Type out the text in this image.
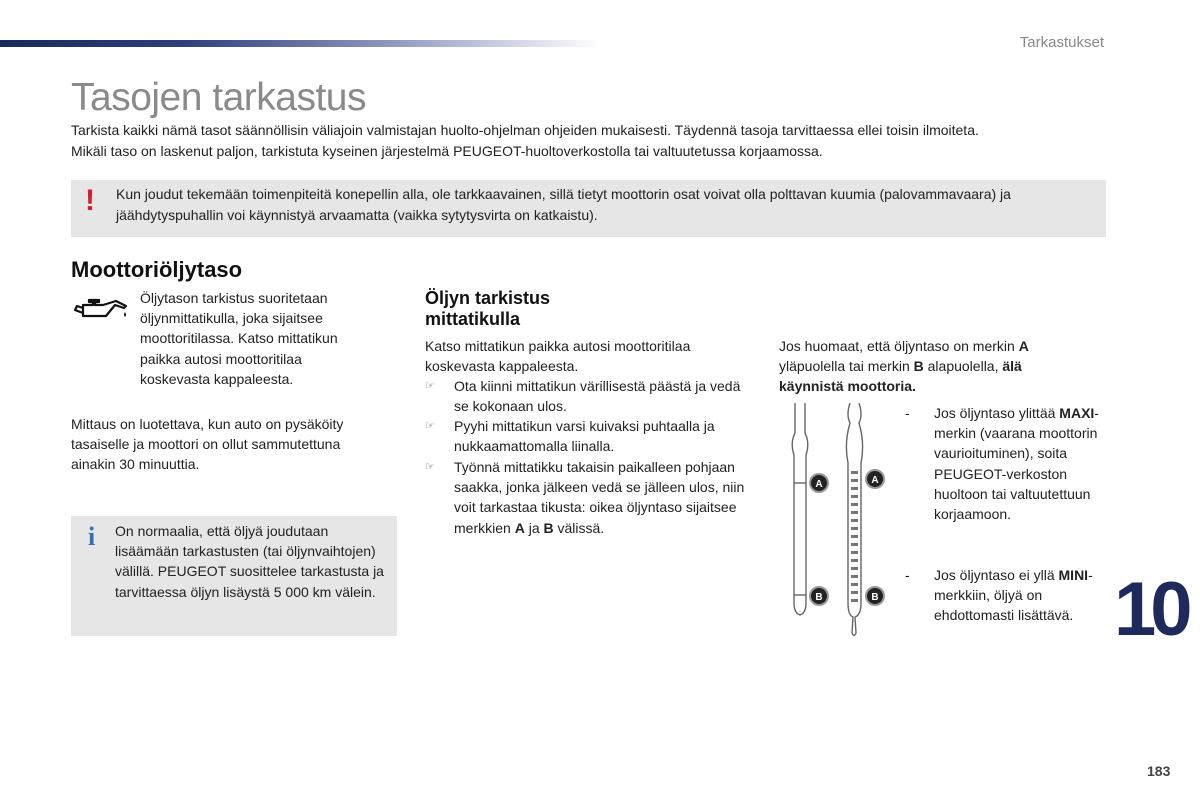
Tarkastukset
Tasojen tarkastus

Tarkista kaikki nämä tasot säännöllisin väliajoin valmistajan huolto-ohjelman ohjeiden mukaisesti. Täydennä tasoja tarvittaessa ellei toisin ilmoiteta.
Mikäli taso on laskenut paljon, tarkistuta kyseinen järjestelmä PEUGEOT-huoltoverkostolla tai valtuutetussa korjaamossa.

! Kun joudut tekemään toimenpiteitä konepellin alla, ole tarkkaavainen, sillä tietyt moottorin osat voivat olla polttavan kuumia (palovammavaara) ja jäähdytyspuhallin voi käynnistyä arvaamatta (vaikka sytytysvirta on katkaistu).

Moottoriöljytaso

Öljytason tarkistus suoritetaan öljynmittatikulla, joka sijaitsee moottoritilassa. Katso mittatikun paikka autosi moottoritilaa koskevasta kappaleesta.

Mittaus on luotettava, kun auto on pysäköity tasaiselle ja moottori on ollut sammutettuna ainakin 30 minuuttia.

i On normaalia, että öljyä joudutaan lisäämään tarkastusten (tai öljynvaihtojen) välillä. PEUGEOT suosittelee tarkastusta ja tarvittaessa öljyn lisäystä 5 000 km välein.

Öljyn tarkistus mittatikulla

Katso mittatikun paikka autosi moottoritilaa koskevasta kappaleesta.

☞ Ota kiinni mittatikun värillisestä päästä ja vedä se kokonaan ulos.
☞ Pyyhi mittatikun varsi kuivaksi puhtaalla ja nukkaamattomalla liinalla.
☞ Työnnä mittatikku takaisin paikalleen pohjaan saakka, jonka jälkeen vedä se jälleen ulos, niin voit tarkastaa tikusta: oikea öljyntaso sijaitsee merkkien A ja B välissä.

Jos huomaat, että öljyntaso on merkin A yläpuolella tai merkin B alapuolella, älä käynnistä moottoria.

A	A
B	B
- Jos öljyntaso ylittää MAXI-merkin (vaarana moottorin vaurioituminen), soita PEUGEOT-verkoston huoltoon tai valtuutettuun korjaamoon.
- Jos öljyntaso ei yllä MINI-merkkiin, öljyä on ehdottomasti lisättävä. 10
183
